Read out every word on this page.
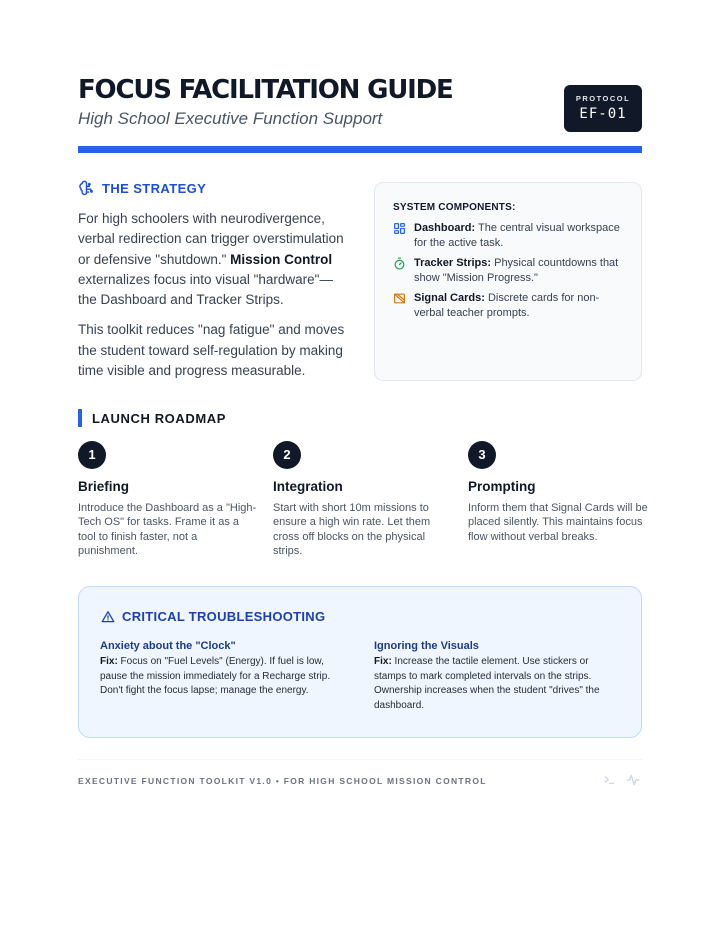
FOCUS FACILITATION GUIDE
High School Executive Function Support
PROTOCOL
EF-01
THE STRATEGY

For high schoolers with neurodivergence, verbal redirection can trigger overstimulation or defensive "shutdown." Mission Control externalizes focus into visual "hardware"—the Dashboard and Tracker Strips.

This toolkit reduces "nag fatigue" and moves the student toward self-regulation by making time visible and progress measurable.

SYSTEM COMPONENTS:
Dashboard: The central visual workspace for the active task.
Tracker Strips: Physical countdowns that show "Mission Progress."
Signal Cards: Discrete cards for non-verbal teacher prompts.
LAUNCH ROADMAP
1
Briefing
Introduce the Dashboard as a "High-Tech OS" for tasks. Frame it as a tool to finish faster, not a punishment.
2
Integration
Start with short 10m missions to ensure a high win rate. Let them cross off blocks on the physical strips.
3
Prompting
Inform them that Signal Cards will be placed silently. This maintains focus flow without verbal breaks.
CRITICAL TROUBLESHOOTING
Anxiety about the "Clock"
Fix: Focus on "Fuel Levels" (Energy). If fuel is low, pause the mission immediately for a Recharge strip. Don't fight the focus lapse; manage the energy.
Ignoring the Visuals
Fix: Increase the tactile element. Use stickers or stamps to mark completed intervals on the strips. Ownership increases when the student "drives" the dashboard.
EXECUTIVE FUNCTION TOOLKIT V1.0 • FOR HIGH SCHOOL MISSION CONTROL
